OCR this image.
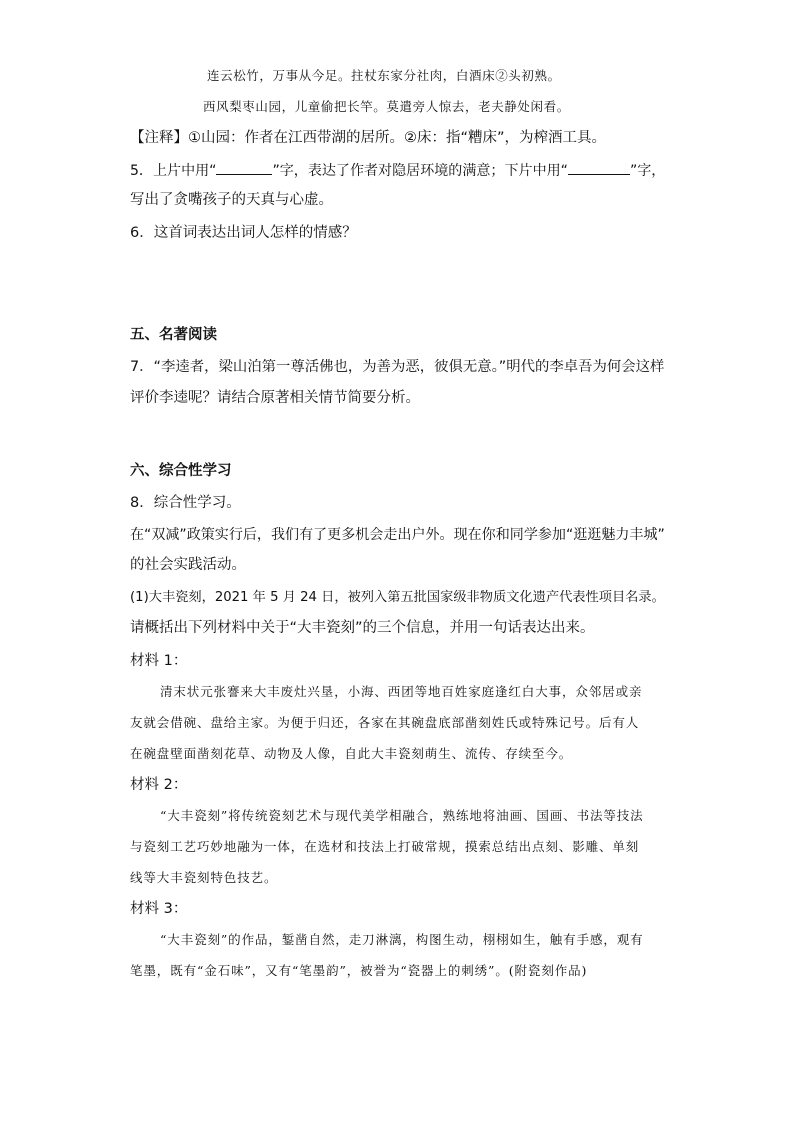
连云松竹，万事从今足。拄杖东家分社肉，白酒床②头初熟。
西风梨枣山园，儿童偷把长竿。莫遣旁人惊去，老夫静处闲看。
【注释】①山园：作者在江西带湖的居所。②床：指“糟床”，为榨酒工具。
5．上片中用“	”字，表达了作者对隐居环境的满意；下片中用“	”字，
写出了贪嘴孩子的天真与心虚。
6．这首词表达出词人怎样的情感？
五、名著阅读
7．“李逵者，梁山泊第一尊活佛也，为善为恶，彼俱无意。”明代的李卓吾为何会这样
评价李逵呢？请结合原著相关情节简要分析。
六、综合性学习
8．综合性学习。
在“双减”政策实行后，我们有了更多机会走出户外。现在你和同学参加“逛逛魅力丰城”
的社会实践活动。
(1)大丰瓷刻，2021 年 5 月 24 日，被列入第五批国家级非物质文化遗产代表性项目名录。
请概括出下列材料中关于“大丰瓷刻”的三个信息，并用一句话表达出来。
材料 1：
清末状元张謇来大丰废灶兴垦，小海、西团等地百姓家庭逢红白大事，众邻居或亲
友就会借碗、盘给主家。为便于归还，各家在其碗盘底部凿刻姓氏或特殊记号。后有人
在碗盘壁面凿刻花草、动物及人像，自此大丰瓷刻萌生、流传、存续至今。
材料 2：
“大丰瓷刻”将传统瓷刻艺术与现代美学相融合，熟练地将油画、国画、书法等技法
与瓷刻工艺巧妙地融为一体，在选材和技法上打破常规，摸索总结出点刻、影雕、单刻
线等大丰瓷刻特色技艺。
材料 3：
“大丰瓷刻”的作品，錾凿自然，走刀淋漓，构图生动，栩栩如生，触有手感，观有
笔墨，既有“金石味”，又有“笔墨韵”，被誉为“瓷器上的刺绣”。(附瓷刻作品)
